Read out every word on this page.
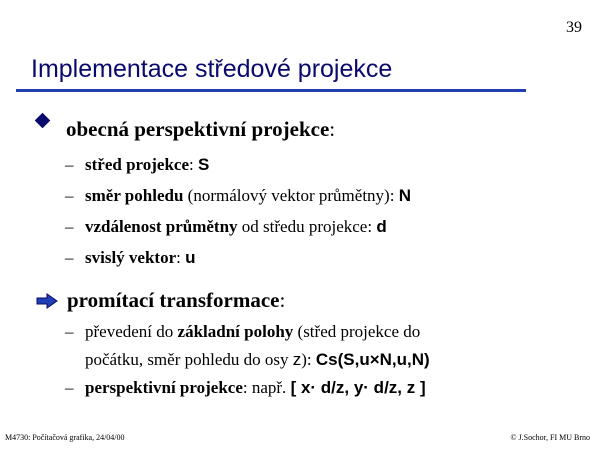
39
Implementace středové projekce
obecná perspektivní projekce :
– střed projekce: S
– směr pohledu (normálový vektor průmětny): N
– vzdálenost průmětny od středu projekce: d
– svislý vektor: u
promítací transformace :
– převedení do základní polohy (střed projekce do
počátku, směr pohledu do osy z): Cs(S,u×N,u,N)
– perspektivní projekce: např. [ x· d/z, y· d/z, z ]
M4730: Počítačová grafika, 24/04/00	© J.Sochor, FI MU Brno
